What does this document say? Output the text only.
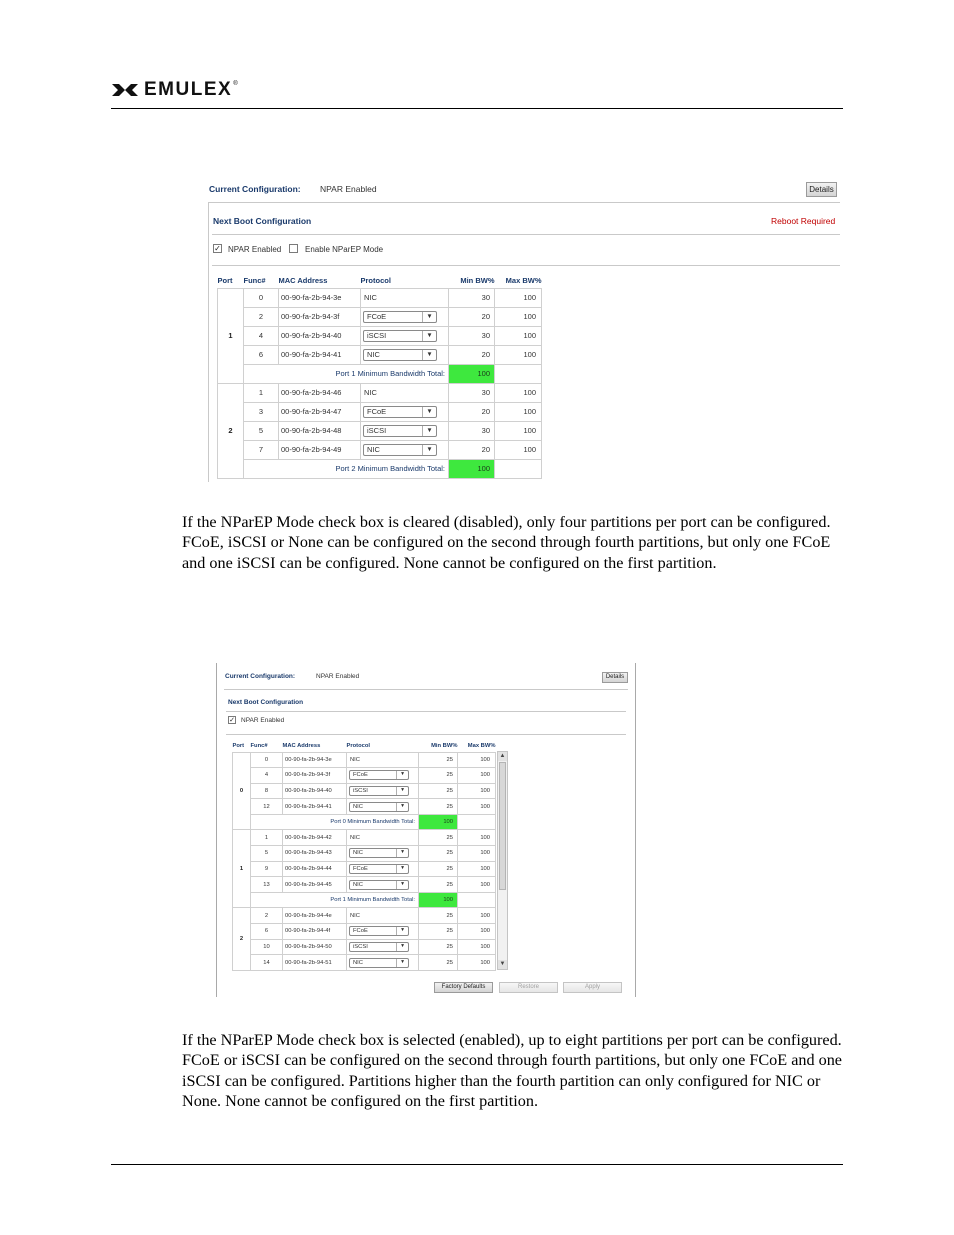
EMULEX ®
Current Configuration: NPAR Enabled	Details
Next Boot Configuration	Reboot Required
✓ NPAR Enabled	Enable NParEP Mode
Port	Func#	MAC Address	Protocol	Min BW%	Max BW%
1	0	00-90-fa-2b-94-3e	NIC	30	100
	2	00-90-fa-2b-94-3f	FCoE ▼	20	100
	4	00-90-fa-2b-94-40	iSCSI ▼	30	100
	6	00-90-fa-2b-94-41	NIC ▼	20	100
	Port 1 Minimum Bandwidth Total:			100	
2	1	00-90-fa-2b-94-46	NIC	30	100
	3	00-90-fa-2b-94-47	FCoE ▼	20	100
	5	00-90-fa-2b-94-48	iSCSI ▼	30	100
	7	00-90-fa-2b-94-49	NIC ▼	20	100
	Port 2 Minimum Bandwidth Total:			100	

If the NParEP Mode check box is cleared (disabled), only four partitions per port can be configured. FCoE, iSCSI or None can be configured on the second through fourth partitions, but only one FCoE and one iSCSI can be configured. None cannot be configured on the first partition.

Current Configuration:	NPAR Enabled	Details
Next Boot Configuration
✓ NPAR Enabled
Port	Func#	MAC Address	Protocol	Min BW%	Max BW%
0	0	00-90-fa-2b-94-3e	NIC	25	100
	4	00-90-fa-2b-94-3f	FCoE ▼	25	100
	8	00-90-fa-2b-94-40	iSCSI ▼	25	100
	12	00-90-fa-2b-94-41	NIC ▼	25	100
	Port 0 Minimum Bandwidth Total:			100	
1	1	00-90-fa-2b-94-42	NIC	25	100
	5	00-90-fa-2b-94-43	NIC ▼	25	100
	9	00-90-fa-2b-94-44	FCoE ▼	25	100
	13	00-90-fa-2b-94-45	NIC ▼	25	100
	Port 1 Minimum Bandwidth Total:			100	
2	2	00-90-fa-2b-94-4e	NIC	25	100
	6	00-90-fa-2b-94-4f	FCoE ▼	25	100
	10	00-90-fa-2b-94-50	iSCSI ▼	25	100
	14	00-90-fa-2b-94-51	NIC ▼	25	100
▲
▼
Factory Defaults	Restore	Apply

If the NParEP Mode check box is selected (enabled), up to eight partitions per port can be configured. FCoE or iSCSI can be configured on the second through fourth partitions, but only one FCoE and one iSCSI can be configured. Partitions higher than the fourth partition can only configured for NIC or None. None cannot be configured on the first partition.
